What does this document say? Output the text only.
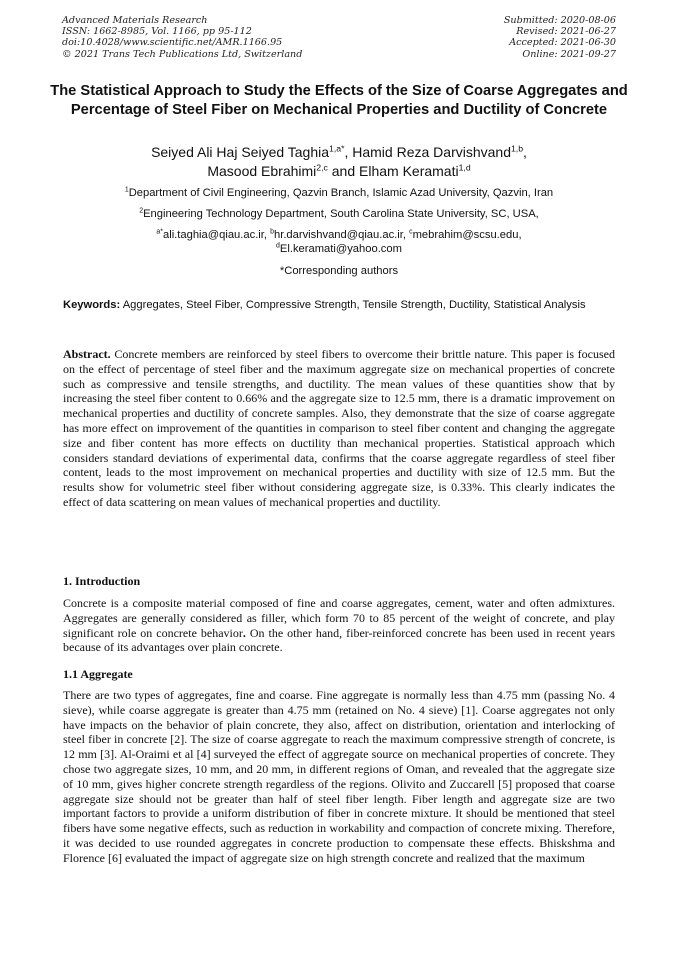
Advanced Materials Research
ISSN: 1662-8985, Vol. 1166, pp 95-112
doi:10.4028/www.scientific.net/AMR.1166.95
© 2021 Trans Tech Publications Ltd, Switzerland
Submitted: 2020-08-06
Revised: 2021-06-27
Accepted: 2021-06-30
Online: 2021-09-27
The Statistical Approach to Study the Effects of the Size of Coarse Aggregates and Percentage of Steel Fiber on Mechanical Properties and Ductility of Concrete
Seiyed Ali Haj Seiyed Taghia$^{1,a*}$, Hamid Reza Darvishvand$^{1,b}$,
Masood Ebrahimi$^{2,c}$ and Elham Keramati$^{1,d}$
$^1$Department of Civil Engineering, Qazvin Branch, Islamic Azad University, Qazvin, Iran
$^2$Engineering Technology Department, South Carolina State University, SC, USA,
$^{a*}$ali.taghia@qiau.ac.ir, $^b$hr.darvishvand@qiau.ac.ir, $^c$mebrahim@scsu.edu,
$^d$El.keramati@yahoo.com
*Corresponding authors
Keywords: Aggregates, Steel Fiber, Compressive Strength, Tensile Strength, Ductility, Statistical Analysis

Abstract. Concrete members are reinforced by steel fibers to overcome their brittle nature. This paper is focused on the effect of percentage of steel fiber and the maximum aggregate size on mechanical properties of concrete such as compressive and tensile strengths, and ductility. The mean values of these quantities show that by increasing the steel fiber content to 0.66% and the aggregate size to 12.5 mm, there is a dramatic improvement on mechanical properties and ductility of concrete samples. Also, they demonstrate that the size of coarse aggregate has more effect on improvement of the quantities in comparison to steel fiber content and changing the aggregate size and fiber content has more effects on ductility than mechanical properties. Statistical approach which considers standard deviations of experimental data, confirms that the coarse aggregate regardless of steel fiber content, leads to the most improvement on mechanical properties and ductility with size of 12.5 mm. But the results show for volumetric steel fiber without considering aggregate size, is 0.33%. This clearly indicates the effect of data scattering on mean values of mechanical properties and ductility.

1. Introduction

Concrete is a composite material composed of fine and coarse aggregates, cement, water and often admixtures. Aggregates are generally considered as filler, which form 70 to 85 percent of the weight of concrete, and play significant role on concrete behavior. On the other hand, fiber-reinforced concrete has been used in recent years because of its advantages over plain concrete.

1.1 Aggregate

There are two types of aggregates, fine and coarse. Fine aggregate is normally less than 4.75 mm (passing No. 4 sieve), while coarse aggregate is greater than 4.75 mm (retained on No. 4 sieve) [1]. Coarse aggregates not only have impacts on the behavior of plain concrete, they also, affect on distribution, orientation and interlocking of steel fiber in concrete [2]. The size of coarse aggregate to reach the maximum compressive strength of concrete, is 12 mm [3]. Al-Oraimi et al [4] surveyed the effect of aggregate source on mechanical properties of concrete. They chose two aggregate sizes, 10 mm, and 20 mm, in different regions of Oman, and revealed that the aggregate size of 10 mm, gives higher concrete strength regardless of the regions. Olivito and Zuccarell [5] proposed that coarse aggregate size should not be greater than half of steel fiber length. Fiber length and aggregate size are two important factors to provide a uniform distribution of fiber in concrete mixture. It should be mentioned that steel fibers have some negative effects, such as reduction in workability and compaction of concrete mixing. Therefore, it was decided to use rounded aggregates in concrete production to compensate these effects. Bhiskshma and Florence [6] evaluated the impact of aggregate size on high strength concrete and realized that the maximum
